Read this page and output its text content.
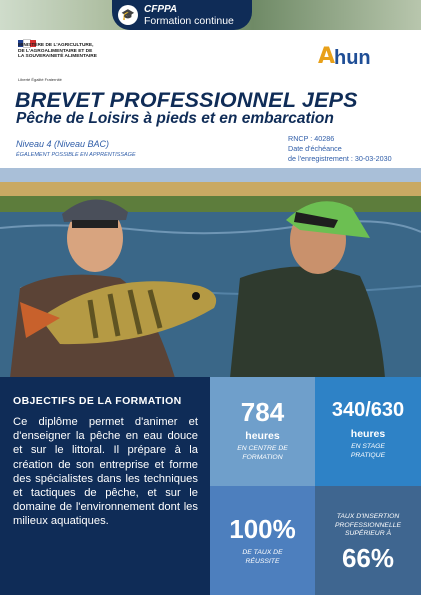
🎓 CFPPA
Formation continue
MINISTÈRE DE L'AGRICULTURE, DE L'AGROALIMENTAIRE ET DE LA SOUVERAINETÉ ALIMENTAIRE
Liberté Égalité Fraternité
A
hun
BREVET PROFESSIONNEL JEPS
Pêche de Loisirs à pieds et en embarcation
Niveau 4 (Niveau BAC)
ÉGALEMENT POSSIBLE EN APPRENTISSAGE
RNCP : 40286
Date d'échéance
de l'enregistrement : 30-03-2030
OBJECTIFS DE LA FORMATION
Ce diplôme permet d'animer et d'enseigner la pêche en eau douce et sur le littoral. Il prépare à la création de son entreprise et forme des spécialistes dans les techniques et tactiques de pêche, et sur le domaine de l'environnement dont les milieux aquatiques.
784
heures
EN CENTRE DE FORMATION
340/630
heures
EN STAGE PRATIQUE
100%
DE TAUX DE RÉUSSITE
TAUX D'INSERTION PROFESSIONNELLE SUPÉRIEUR À
66%
